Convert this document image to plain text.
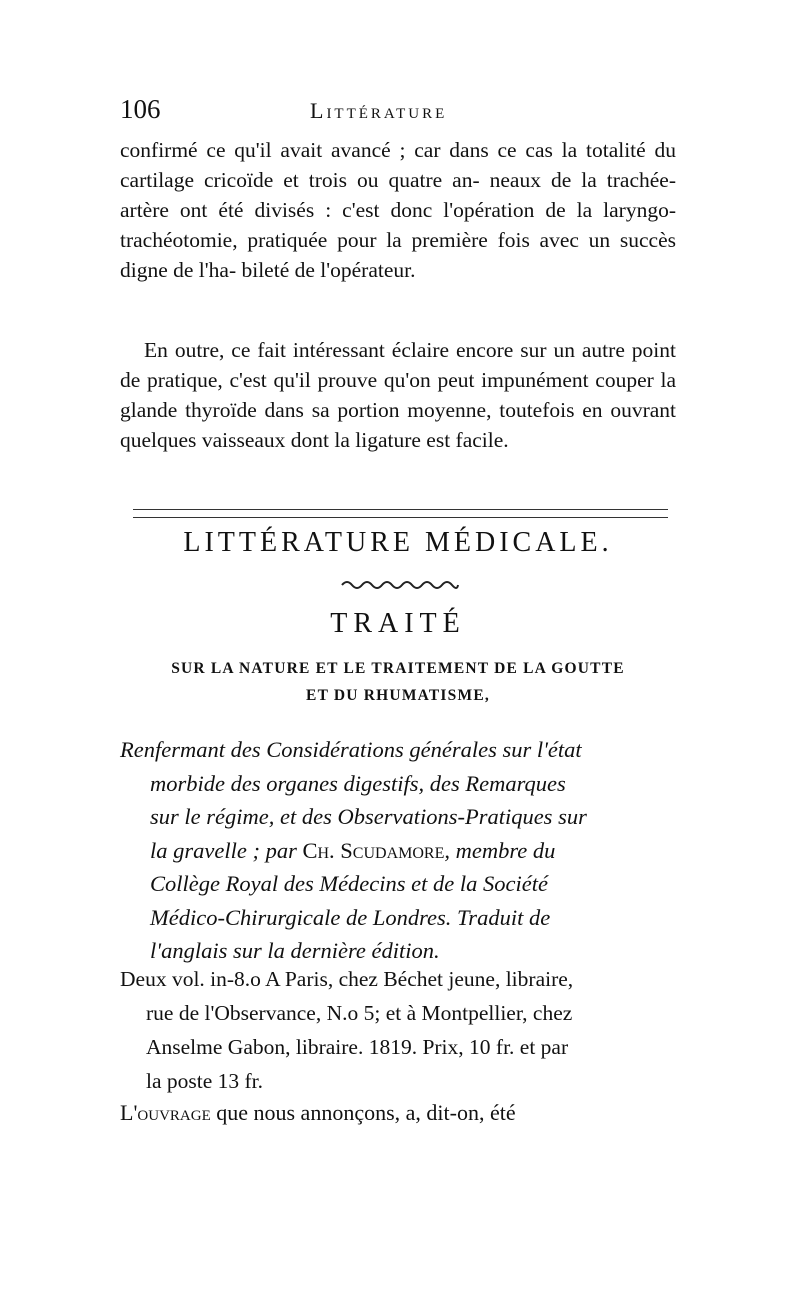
106	Littérature

confirmé ce qu'il avait avancé ; car dans ce cas la totalité du cartilage cricoïde et trois ou quatre an- neaux de la trachée-artère ont été divisés : c'est donc l'opération de la laryngo-trachéotomie, pratiquée pour la première fois avec un succès digne de l'ha- bileté de l'opérateur.

En outre, ce fait intéressant éclaire encore sur un autre point de pratique, c'est qu'il prouve qu'on peut impunément couper la glande thyroïde dans sa portion moyenne, toutefois en ouvrant quelques vaisseaux dont la ligature est facile.

LITTÉRATURE MÉDICALE.
TRAITÉ
SUR LA NATURE ET LE TRAITEMENT DE LA GOUTTE
ET DU RHUMATISME,
Renfermant des Considérations générales sur l'état
morbide des organes digestifs, des Remarques
sur le régime, et des Observations-Pratiques sur
la gravelle ; par Ch. Scudamore, membre du
Collège Royal des Médecins et de la Société
Médico-Chirurgicale de Londres. Traduit de
l'anglais sur la dernière édition.
Deux vol. in-8.o A Paris, chez Béchet jeune, libraire,
rue de l'Observance, N.o 5; et à Montpellier, chez
Anselme Gabon, libraire. 1819. Prix, 10 fr. et par
la poste 13 fr.
L'ouvrage que nous annonçons, a, dit-on, été
